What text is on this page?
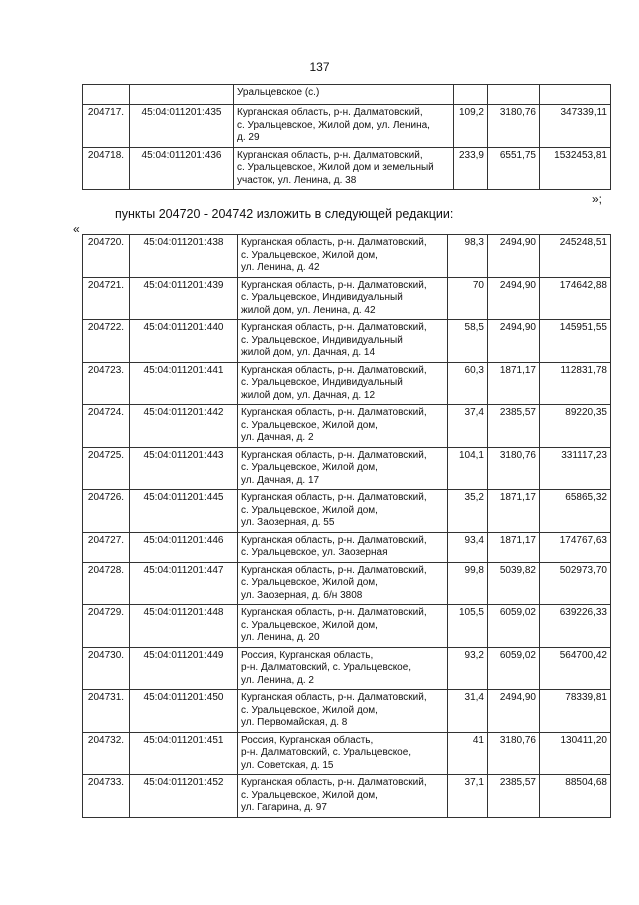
137
		Уральцевское (с.)			
204717.	45:04:011201:435	Курганская область, р-н. Далматовский,
с. Уральцевское, Жилой дом, ул. Ленина,
д. 29	109,2	3180,76	347339,11
204718.	45:04:011201:436	Курганская область, р-н. Далматовский,
с. Уральцевское, Жилой дом и земельный
участок, ул. Ленина, д. 38	233,9	6551,75	1532453,81
»;
пункты 204720 - 204742 изложить в следующей редакции:
«
204720.	45:04:011201:438	Курганская область, р-н. Далматовский,
с. Уральцевское, Жилой дом,
ул. Ленина, д. 42	98,3	2494,90	245248,51
204721.	45:04:011201:439	Курганская область, р-н. Далматовский,
с. Уральцевское, Индивидуальный
жилой дом, ул. Ленина, д. 42	70	2494,90	174642,88
204722.	45:04:011201:440	Курганская область, р-н. Далматовский,
с. Уральцевское, Индивидуальный
жилой дом, ул. Дачная, д. 14	58,5	2494,90	145951,55
204723.	45:04:011201:441	Курганская область, р-н. Далматовский,
с. Уральцевское, Индивидуальный
жилой дом, ул. Дачная, д. 12	60,3	1871,17	112831,78
204724.	45:04:011201:442	Курганская область, р-н. Далматовский,
с. Уральцевское, Жилой дом,
ул. Дачная, д. 2	37,4	2385,57	89220,35
204725.	45:04:011201:443	Курганская область, р-н. Далматовский,
с. Уральцевское, Жилой дом,
ул. Дачная, д. 17	104,1	3180,76	331117,23
204726.	45:04:011201:445	Курганская область, р-н. Далматовский,
с. Уральцевское, Жилой дом,
ул. Заозерная, д. 55	35,2	1871,17	65865,32
204727.	45:04:011201:446	Курганская область, р-н. Далматовский,
с. Уральцевское, ул. Заозерная	93,4	1871,17	174767,63
204728.	45:04:011201:447	Курганская область, р-н. Далматовский,
с. Уральцевское, Жилой дом,
ул. Заозерная, д. б/н 3808	99,8	5039,82	502973,70
204729.	45:04:011201:448	Курганская область, р-н. Далматовский,
с. Уральцевское, Жилой дом,
ул. Ленина, д. 20	105,5	6059,02	639226,33
204730.	45:04:011201:449	Россия, Курганская область,
р-н. Далматовский, с. Уральцевское,
ул. Ленина, д. 2	93,2	6059,02	564700,42
204731.	45:04:011201:450	Курганская область, р-н. Далматовский,
с. Уральцевское, Жилой дом,
ул. Первомайская, д. 8	31,4	2494,90	78339,81
204732.	45:04:011201:451	Россия, Курганская область,
р-н. Далматовский, с. Уральцевское,
ул. Советская, д. 15	41	3180,76	130411,20
204733.	45:04:011201:452	Курганская область, р-н. Далматовский,
с. Уральцевское, Жилой дом,
ул. Гагарина, д. 97	37,1	2385,57	88504,68
